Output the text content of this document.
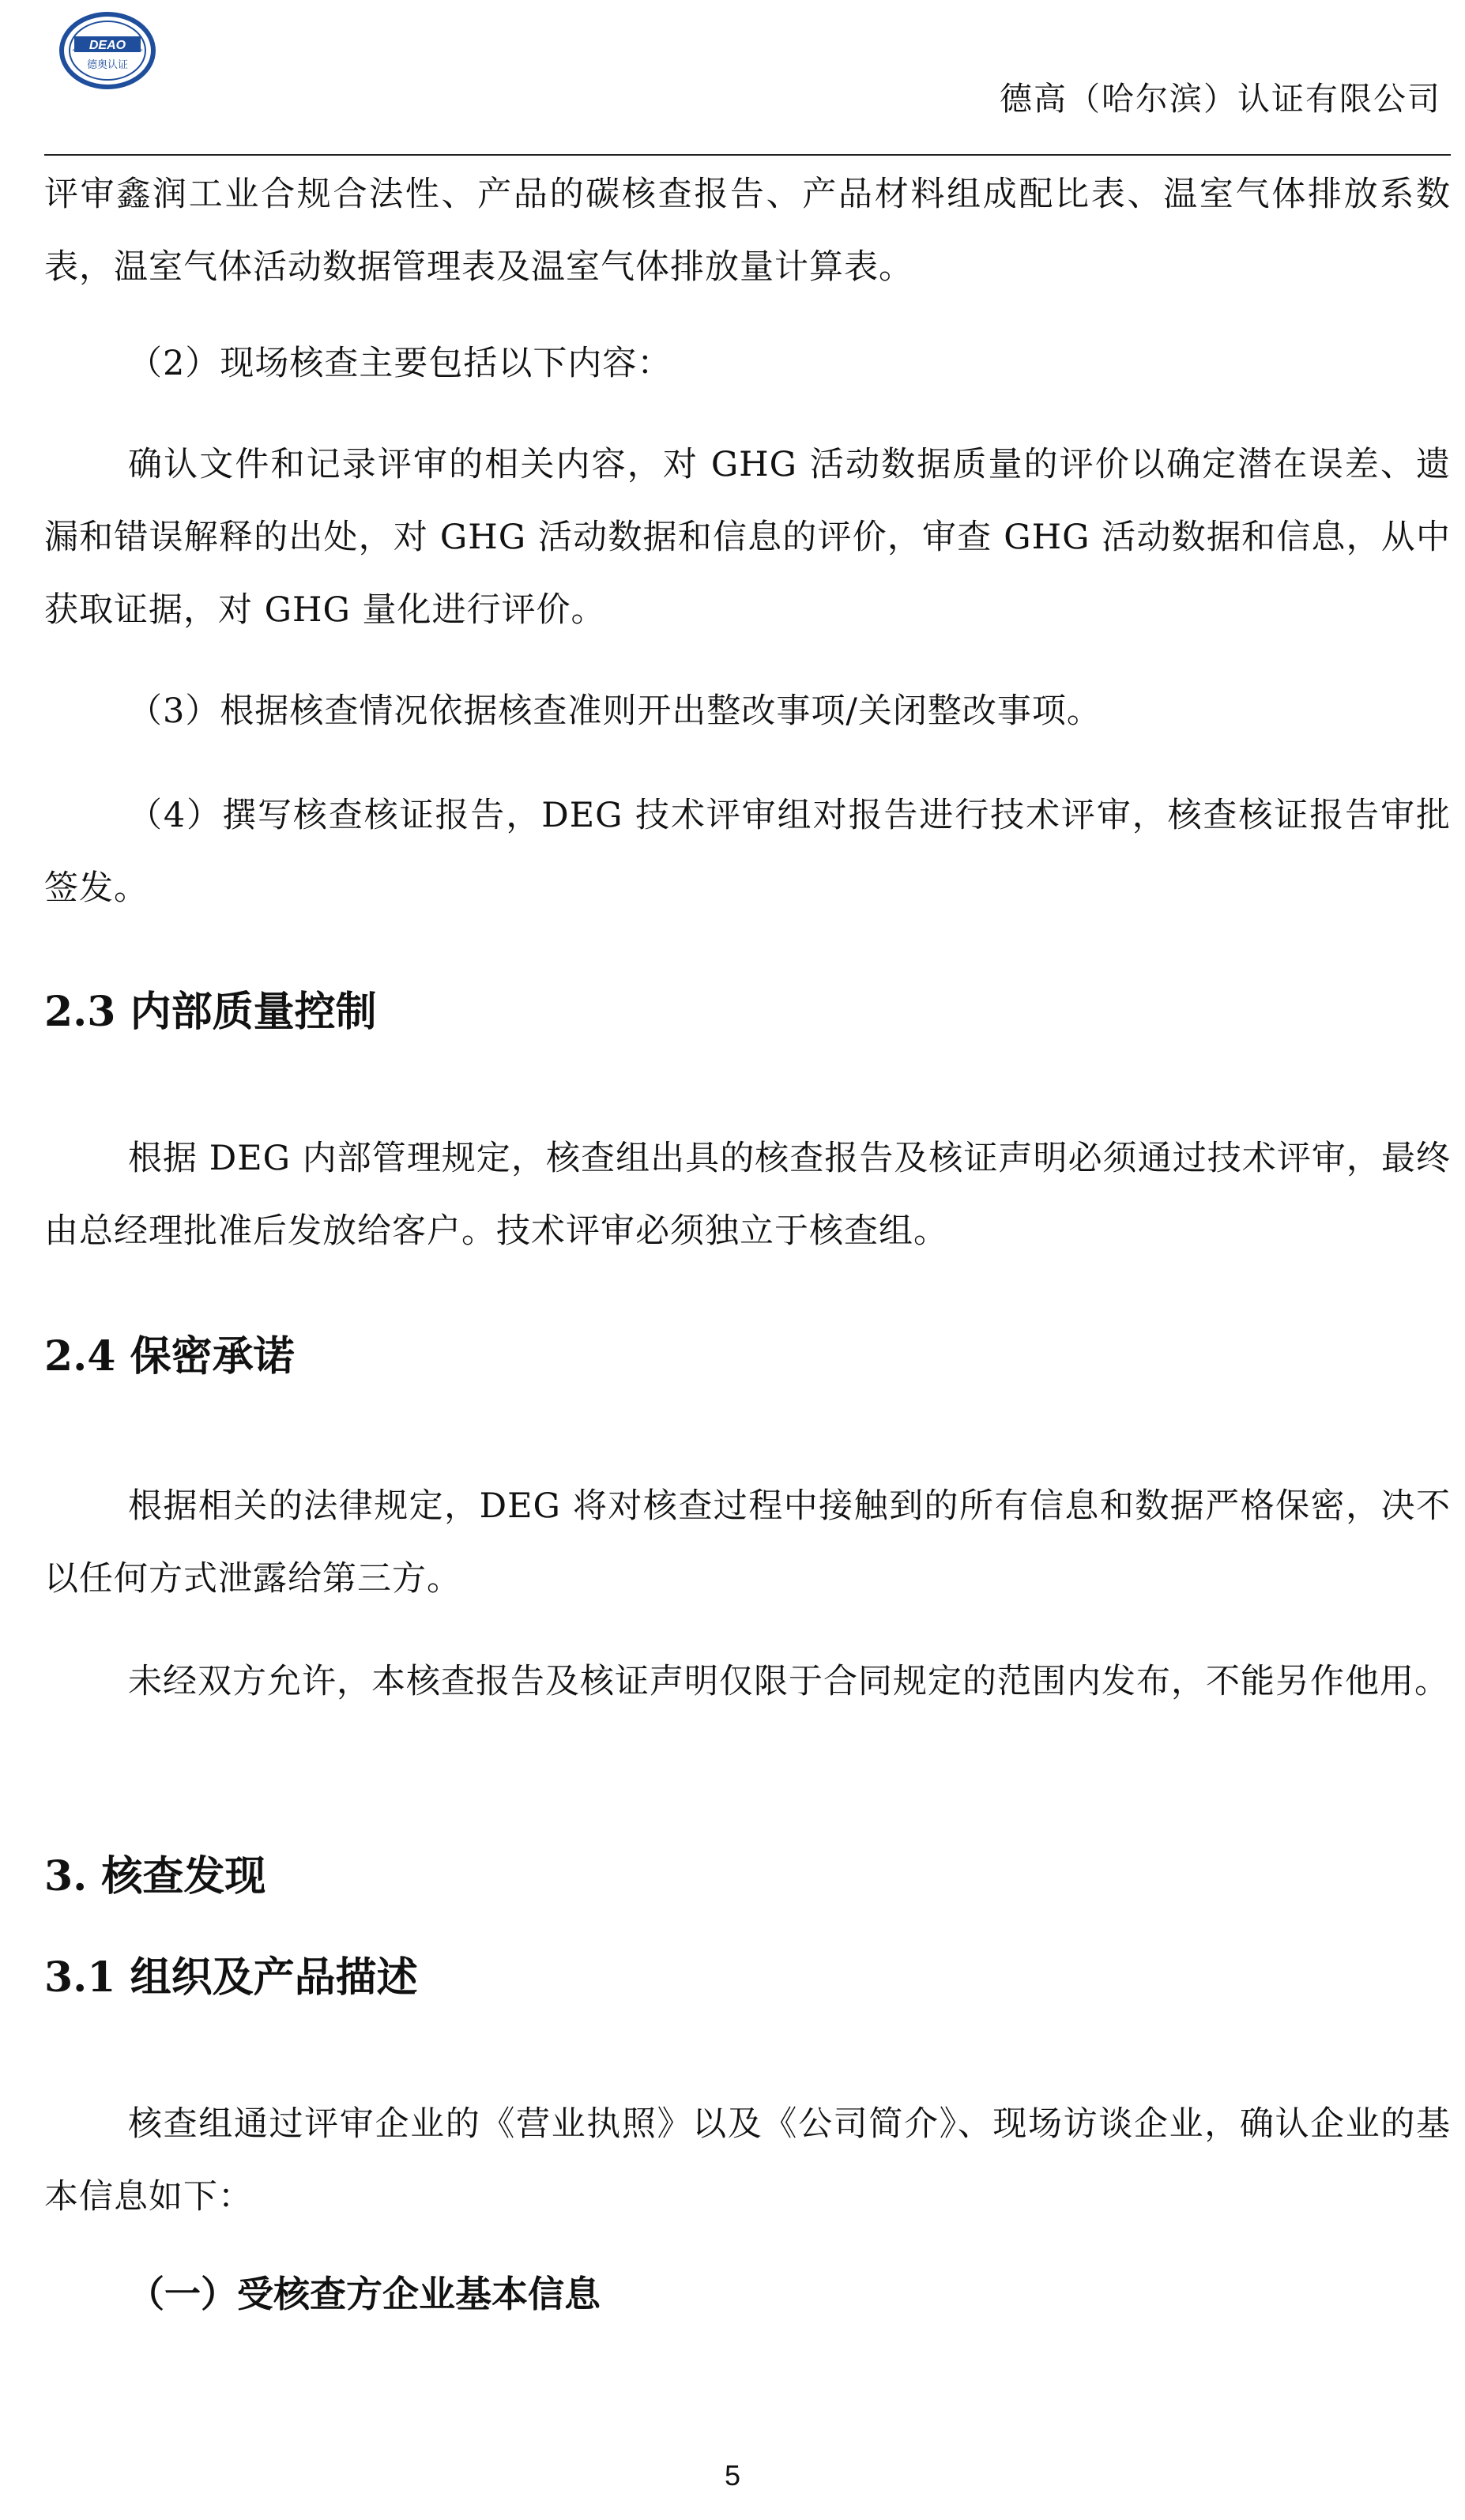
DEAO
德奥认证
德高（哈尔滨）认证有限公司

评审鑫润工业合规合法性、产品的碳核查报告、产品材料组成配比表、温室气体排放系数表，温室气体活动数据管理表及温室气体排放量计算表。

（2）现场核查主要包括以下内容：

确认文件和记录评审的相关内容，对 GHG 活动数据质量的评价以确定潜在误差、遗漏和错误解释的出处，对 GHG 活动数据和信息的评价，审查 GHG 活动数据和信息，从中获取证据，对 GHG 量化进行评价。

（3）根据核查情况依据核查准则开出整改事项/关闭整改事项。

（4）撰写核查核证报告，DEG 技术评审组对报告进行技术评审，核查核证报告审批签发。

2.3 内部质量控制

根据 DEG 内部管理规定，核查组出具的核查报告及核证声明必须通过技术评审，最终由总经理批准后发放给客户。技术评审必须独立于核查组。

2.4 保密承诺

根据相关的法律规定，DEG 将对核查过程中接触到的所有信息和数据严格保密，决不以任何方式泄露给第三方。

未经双方允许，本核查报告及核证声明仅限于合同规定的范围内发布，不能另作他用。

3. 核查发现
3.1 组织及产品描述

核查组通过评审企业的《营业执照》以及《公司简介》、现场访谈企业，确认企业的基本信息如下：

（一）受核查方企业基本信息
5
